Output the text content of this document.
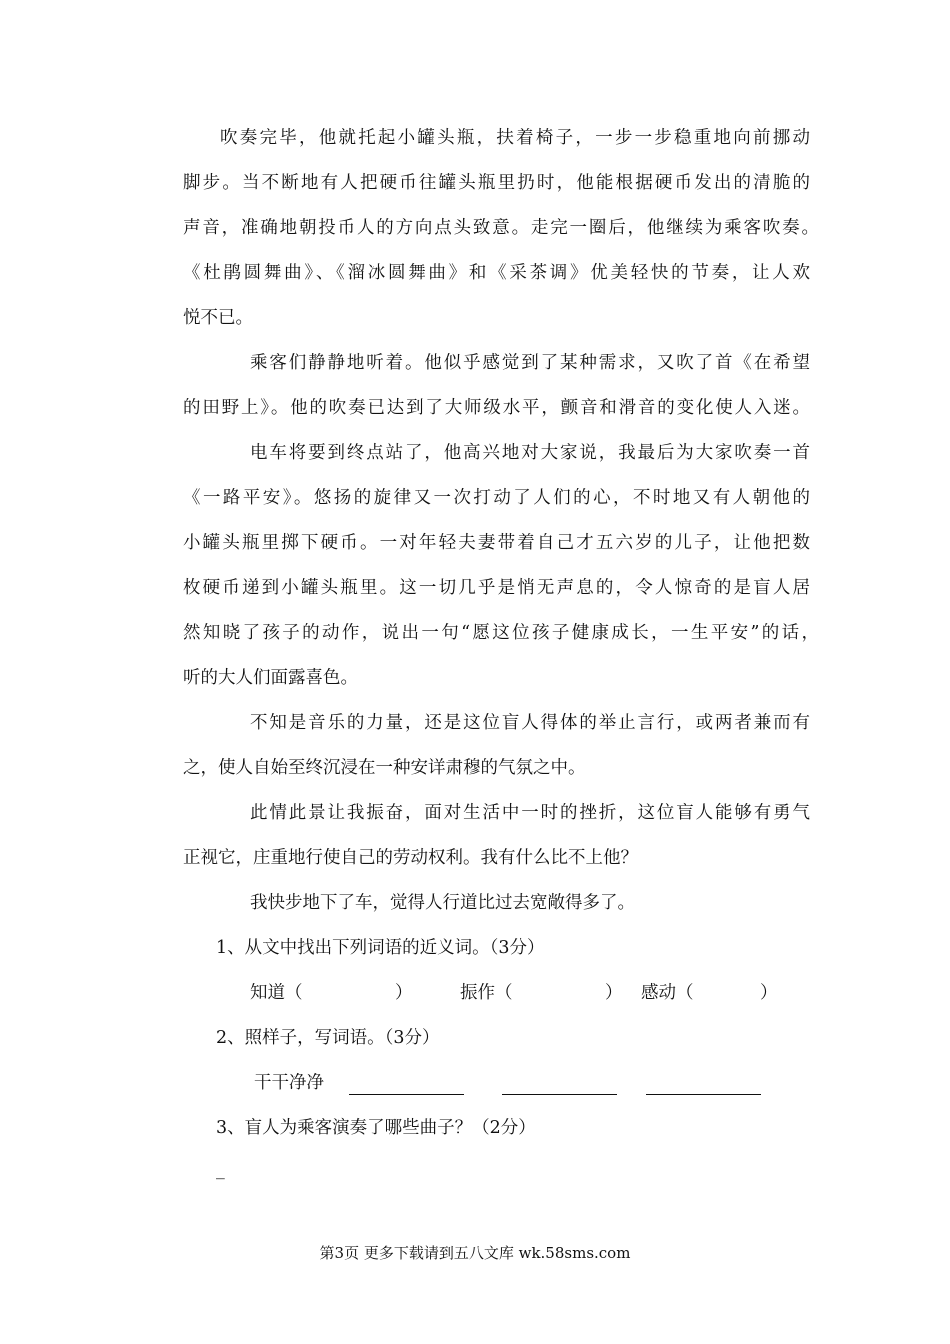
吹奏完毕，他就托起小罐头瓶，扶着椅子，一步一步稳重地向前挪动
脚步。当不断地有人把硬币往罐头瓶里扔时，他能根据硬币发出的清脆的
声音，准确地朝投币人的方向点头致意。走完一圈后，他继续为乘客吹奏。
《杜鹃圆舞曲》、《溜冰圆舞曲》和《采茶调》优美轻快的节奏，让人欢
悦不已。
乘客们静静地听着。他似乎感觉到了某种需求，又吹了首《在希望
的田野上》。他的吹奏已达到了大师级水平，颤音和滑音的变化使人入迷。
电车将要到终点站了，他高兴地对大家说，我最后为大家吹奏一首
《一路平安》。悠扬的旋律又一次打动了人们的心，不时地又有人朝他的
小罐头瓶里掷下硬币。一对年轻夫妻带着自己才五六岁的儿子，让他把数
枚硬币递到小罐头瓶里。这一切几乎是悄无声息的，令人惊奇的是盲人居
然知晓了孩子的动作，说出一句“愿这位孩子健康成长，一生平安”的话，
听的大人们面露喜色。
不知是音乐的力量，还是这位盲人得体的举止言行，或两者兼而有
之，使人自始至终沉浸在一种安详肃穆的气氛之中。
此情此景让我振奋，面对生活中一时的挫折，这位盲人能够有勇气
正视它，庄重地行使自己的劳动权利。我有什么比不上他？
我快步地下了车，觉得人行道比过去宽敞得多了。
1、从文中找出下列词语的近义词。（3分）
知道（	）	振作（	） 感动（	）
2、照样子，写词语。（3分）
干干净净
3、盲人为乘客演奏了哪些曲子？（2分）
_
第3页 更多下载请到五八文库 wk.58sms.com
